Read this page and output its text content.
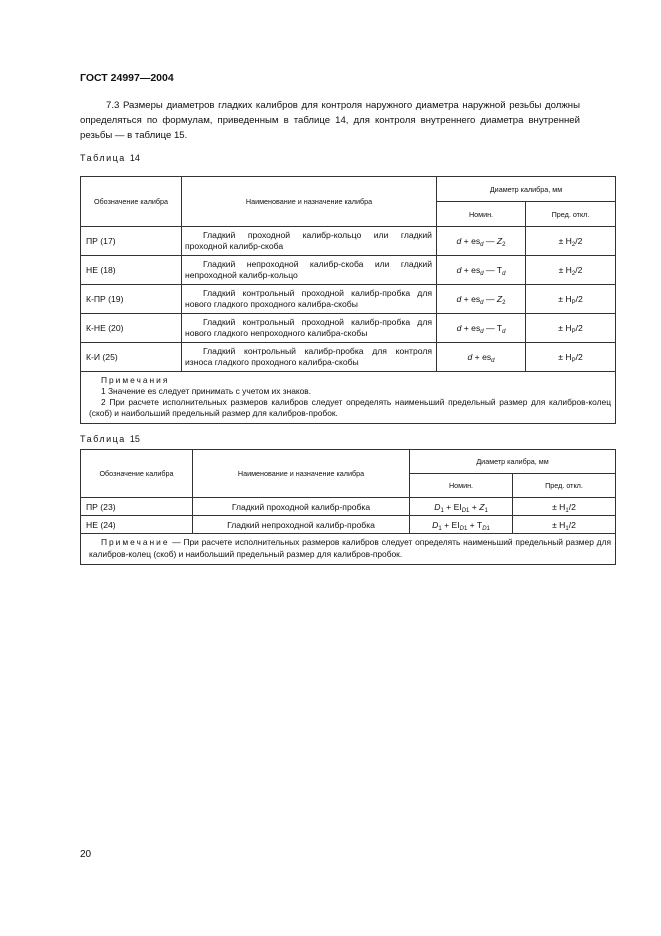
ГОСТ 24997—2004
7.3 Размеры диаметров гладких калибров для контроля наружного диаметра наружной резьбы должны определяться по формулам, приведенным в таблице 14, для контроля внутреннего диаметра внутренней резьбы — в таблице 15.
Таблица 14
Обозначение калибра	Наименование и назначение калибра	Диаметр калибра, мм	
		Номин.	Пред. откл.
ПР (17)	Гладкий проходной калибр-кольцо или гладкий проходной калибр-скоба	$d + es_d$ — $Z_2$	± $H_2/2$
НЕ (18)	Гладкий непроходной калибр-скоба или гладкий непроходной калибр-кольцо	$d + es_d$ — $T_d$	± $H_2/2$
К-ПР (19)	Гладкий контрольный проходной калибр-пробка для нового гладкого проходного калибра-скобы	$d + es_d$ — $Z_2$	± $H_P/2$
К-НЕ (20)	Гладкий контрольный проходной калибр-пробка для нового гладкого непроходного калибра-скобы	$d + es_d$ — $T_d$	± $H_P/2$
К-И (25)	Гладкий контрольный калибр-пробка для контроля износа гладкого проходного калибра-скобы	$d + es_d$	± $H_P/2$

Примечания
1 Значение es следует принимать с учетом их знаков.
2 При расчете исполнительных размеров калибров следует определять наименьший предельный размер для калибров-колец (скоб) и наибольший предельный размер для калибров-пробок.			
Таблица 15
Обозначение калибра	Наименование и назначение калибра	Диаметр калибра, мм	
		Номин.	Пред. откл.
ПР (23)	Гладкий проходной калибр-пробка	$D_1 + EI_{D1} + Z_1$	± $H_1/2$
НЕ (24)	Гладкий непроходной калибр-пробка	$D_1 + EI_{D1} + T_{D1}$	± $H_1/2$
Примечание — При расчете исполнительных размеров калибров следует определять наименьший предельный размер для калибров-колец (скоб) и наибольший предельный размер для калибров-пробок.			
20
